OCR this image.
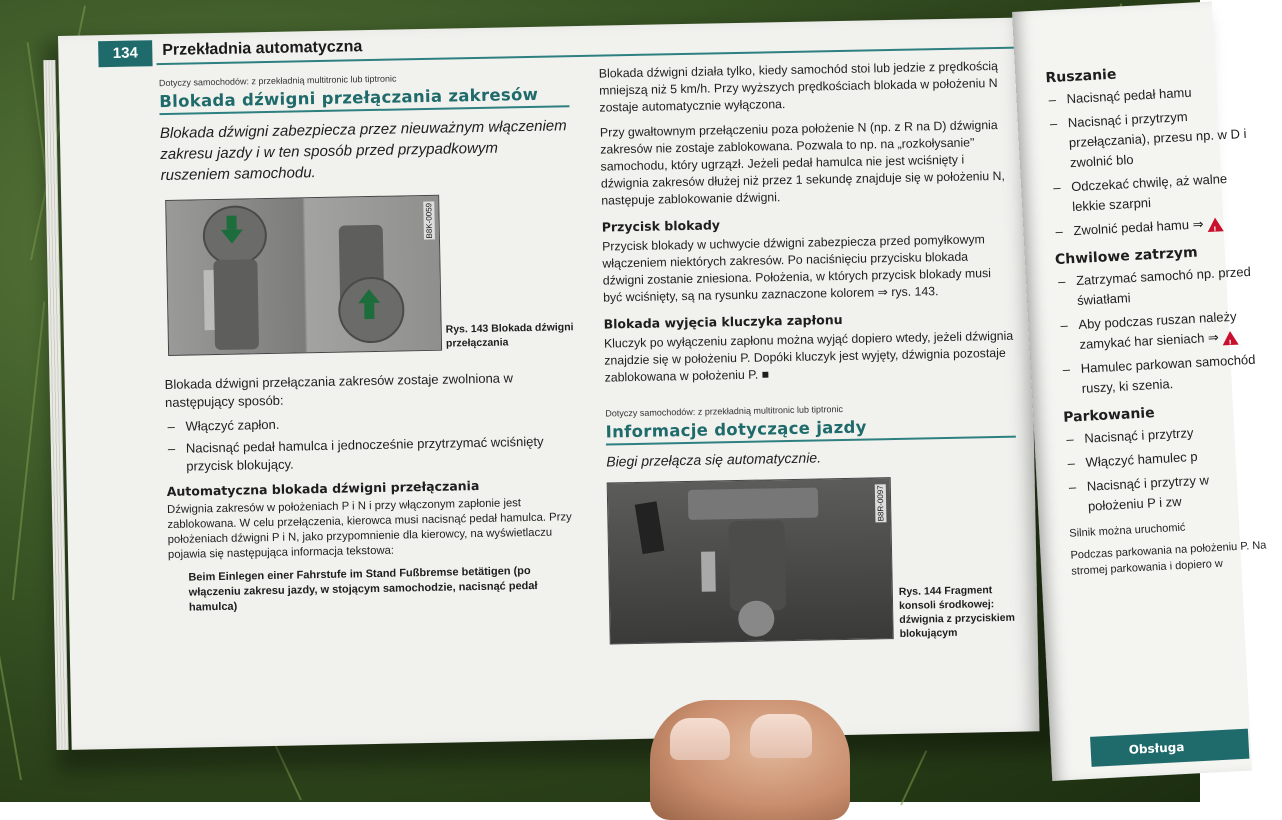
134	Przekładnia automatyczna
Dotyczy samochodów: z przekładnią multitronic lub tiptronic
Blokada dźwigni przełączania zakresów
Blokada dźwigni zabezpiecza przez nieuważnym włączeniem zakresu jazdy i w ten sposób przed przypadkowym ruszeniem samochodu.
B8K-0059
Rys. 143 Blokada dźwigni przełączania
Blokada dźwigni przełączania zakresów zostaje zwolniona w następujący sposób:
– Włączyć zapłon.
– Nacisnąć pedał hamulca i jednocześnie przytrzymać wciśnięty przycisk blokujący.
Automatyczna blokada dźwigni przełączania
Dźwignia zakresów w położeniach P i N i przy włączonym zapłonie jest zablokowana. W celu przełączenia, kierowca musi nacisnąć pedał hamulca. Przy położeniach dźwigni P i N, jako przypomnienie dla kierowcy, na wyświetlaczu pojawia się następująca informacja tekstowa:
Beim Einlegen einer Fahrstufe im Stand Fußbremse betätigen (po włączeniu zakresu jazdy, w stojącym samochodzie, nacisnąć pedał hamulca)
Blokada dźwigni działa tylko, kiedy samochód stoi lub jedzie z prędkością mniejszą niż 5 km/h. Przy wyższych prędkościach blokada w położeniu N zostaje automatycznie wyłączona.
Przy gwałtownym przełączeniu poza położenie N (np. z R na D) dźwignia zakresów nie zostaje zablokowana. Pozwala to np. na „rozkołysanie" samochodu, który ugrzązł. Jeżeli pedał hamulca nie jest wciśnięty i dźwignia zakresów dłużej niż przez 1 sekundę znajduje się w położeniu N, następuje zablokowanie dźwigni.
Przycisk blokady
Przycisk blokady w uchwycie dźwigni zabezpiecza przed pomyłkowym włączeniem niektórych zakresów. Po naciśnięciu przycisku blokada dźwigni zostanie zniesiona. Położenia, w których przycisk blokady musi być wciśnięty, są na rysunku zaznaczone kolorem ⇒ rys. 143.
Blokada wyjęcia kluczyka zapłonu
Kluczyk po wyłączeniu zapłonu można wyjąć dopiero wtedy, jeżeli dźwignia znajdzie się w położeniu P. Dopóki kluczyk jest wyjęty, dźwignia pozostaje zablokowana w położeniu P. ■
Dotyczy samochodów: z przekładnią multitronic lub tiptronic
Informacje dotyczące jazdy
Biegi przełącza się automatycznie.
B8R-0097
Rys. 144 Fragment konsoli środkowej: dźwignia z przyciskiem blokującym
Ruszanie
– Nacisnąć pedał hamu
– Nacisnąć i przytrzym przełączania), przesu np. w D i zwolnić blo
– Odczekać chwilę, aż walne lekkie szarpni
– Zwolnić pedał hamu ⇒ !
Chwilowe zatrzym
– Zatrzymać samochó np. przed światłami
– Aby podczas ruszan należy zamykać har sieniach ⇒ !
– Hamulec parkowan samochód ruszy, ki szenia.
Parkowanie
– Nacisnąć i przytrzy
– Włączyć hamulec p
– Nacisnąć i przytrzy w położeniu P i zw
Silnik można uruchomić
Podczas parkowania na położeniu P. Na stromej parkowania i dopiero w
Obsługa
